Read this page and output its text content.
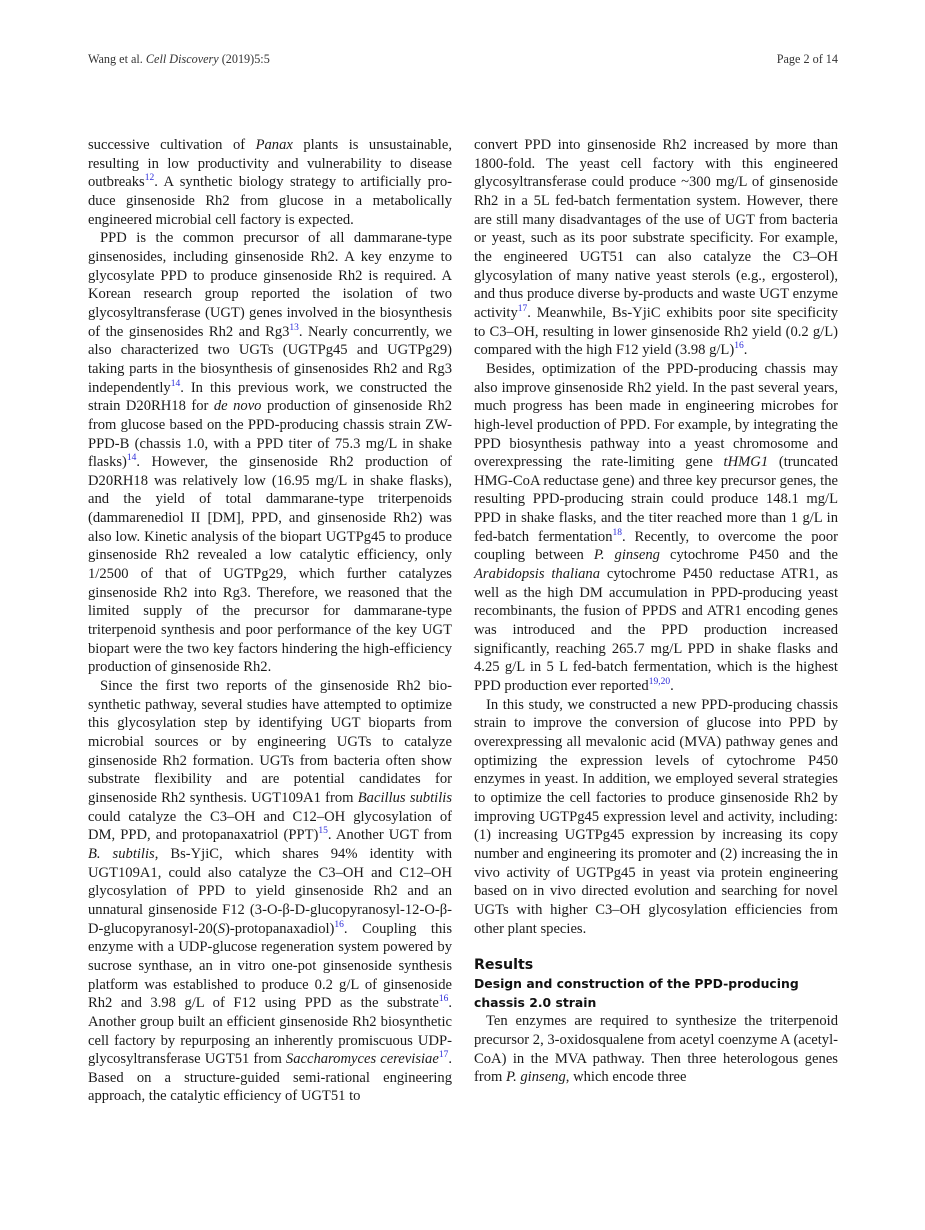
Wang et al. Cell Discovery (2019)5:5	Page 2 of 14

successive cultivation of Panax plants is unsustainable, resulting in low productivity and vulnerability to disease outbreaks$^{12}$. A synthetic biology strategy to artificially produce ginsenoside Rh2 from glucose in a metabolically engineered microbial cell factory is expected.

PPD is the common precursor of all dammarane-type ginsenosides, including ginsenoside Rh2. A key enzyme to glycosylate PPD to produce ginsenoside Rh2 is required. A Korean research group reported the isolation of two glycosyltransferase (UGT) genes involved in the biosynthesis of the ginsenosides Rh2 and $Rg3^{13}$. Nearly concurrently, we also characterized two UGTs (UGTPg45 and UGTPg29) taking parts in the biosynthesis of ginsenosides Rh2 and Rg3 independently$^{14}$. In this previous work, we constructed the strain D20RH18 for de novo production of ginsenoside Rh2 from glucose based on the PPD-producing chassis strain ZW-PPD-B (chassis 1.0, with a PPD titer of 75.3 mg/L in shake flasks)$^{14}$. However, the ginsenoside Rh2 production of D20RH18 was relatively low (16.95 mg/L in shake flasks), and the yield of total dammarane-type triterpenoids (dammarenediol II [DM], PPD, and ginsenoside Rh2) was also low. Kinetic analysis of the biopart UGTPg45 to produce ginsenoside Rh2 revealed a low catalytic efficiency, only 1/2500 of that of UGTPg29, which further catalyzes ginsenoside Rh2 into Rg3. Therefore, we reasoned that the limited supply of the precursor for dammarane-type triterpenoid synthesis and poor performance of the key UGT biopart were the two key factors hindering the high-efficiency production of ginsenoside Rh2.

Since the first two reports of the ginsenoside Rh2 biosynthetic pathway, several studies have attempted to optimize this glycosylation step by identifying UGT bioparts from microbial sources or by engineering UGTs to catalyze ginsenoside Rh2 formation. UGTs from bacteria often show substrate flexibility and are potential candidates for ginsenoside Rh2 synthesis. UGT109A1 from Bacillus subtilis could catalyze the C3–OH and C12–OH glycosylation of DM, PPD, and protopanaxatriol (PPT)$^{15}$. Another UGT from B. subtilis, Bs-YjiC, which shares 94% identity with UGT109A1, could also catalyze the C3–OH and C12–OH glycosylation of PPD to yield ginsenoside Rh2 and an unnatural ginsenoside F12 (3-O-β-D-glucopyranosyl-12-O-β-D-glucopyranosyl-20(S)-protopanaxadiol)$^{16}$. Coupling this enzyme with a UDP-glucose regeneration system powered by sucrose synthase, an in vitro one-pot ginsenoside synthesis platform was established to produce 0.2 g/L of ginsenoside Rh2 and 3.98 g/L of F12 using PPD as the substrate$^{16}$. Another group built an efficient ginsenoside Rh2 biosynthetic cell factory by repurposing an inherently promiscuous UDP-glycosyltransferase UGT51 from Saccharomyces cerevisiae$^{17}$. Based on a structure-guided semi-rational engineering approach, the catalytic efficiency of UGT51 to

convert PPD into ginsenoside Rh2 increased by more than 1800-fold. The yeast cell factory with this engineered glycosyltransferase could produce ~300 mg/L of ginsenoside Rh2 in a 5L fed-batch fermentation system. However, there are still many disadvantages of the use of UGT from bacteria or yeast, such as its poor substrate specificity. For example, the engineered UGT51 can also catalyze the C3–OH glycosylation of many native yeast sterols (e.g., ergosterol), and thus produce diverse by-products and waste UGT enzyme activity$^{17}$. Meanwhile, Bs-YjiC exhibits poor site specificity to C3–OH, resulting in lower ginsenoside Rh2 yield (0.2 g/L) compared with the high F12 yield (3.98 g/L)$^{16}$.

Besides, optimization of the PPD-producing chassis may also improve ginsenoside Rh2 yield. In the past several years, much progress has been made in engineering microbes for high-level production of PPD. For example, by integrating the PPD biosynthesis pathway into a yeast chromosome and overexpressing the rate-limiting gene tHMG1 (truncated HMG-CoA reductase gene) and three key precursor genes, the resulting PPD-producing strain could produce 148.1 mg/L PPD in shake flasks, and the titer reached more than 1 g/L in fed-batch fermentation$^{18}$. Recently, to overcome the poor coupling between P. ginseng cytochrome P450 and the Arabidopsis thaliana cytochrome P450 reductase ATR1, as well as the high DM accumulation in PPD-producing yeast recombinants, the fusion of PPDS and ATR1 encoding genes was introduced and the PPD production increased significantly, reaching 265.7 mg/L PPD in shake flasks and 4.25 g/L in 5 L fed-batch fermentation, which is the highest PPD production ever reported$^{19,20}$.

In this study, we constructed a new PPD-producing chassis strain to improve the conversion of glucose into PPD by overexpressing all mevalonic acid (MVA) pathway genes and optimizing the expression levels of cytochrome P450 enzymes in yeast. In addition, we employed several strategies to optimize the cell factories to produce ginsenoside Rh2 by improving UGTPg45 expression level and activity, including: (1) increasing UGTPg45 expression by increasing its copy number and engineering its promoter and (2) increasing the in vivo activity of UGTPg45 in yeast via protein engineering based on in vivo directed evolution and searching for novel UGTs with higher C3–OH glycosylation efficiencies from other plant species.

Results
Design and construction of the PPD-producing chassis 2.0 strain

Ten enzymes are required to synthesize the triterpenoid precursor 2, 3-oxidosqualene from acetyl coenzyme A (acetyl-CoA) in the MVA pathway. Then three heterologous genes from P. ginseng, which encode three
